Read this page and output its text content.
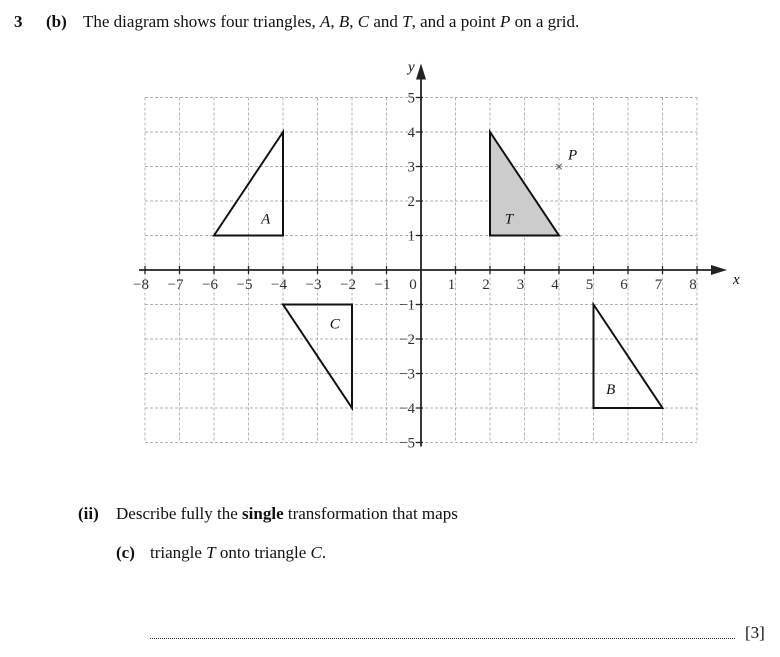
3 (b) The diagram shows four triangles, A, B, C and T, and a point P on a grid.
A	T
C
B
x
y
−8 −7 −6 −5 −4 −3 −2 −1 0 1 2 3 4 5 6 7 8
5
4
3
2
1
−1
−2
−3
−4
−5
×
P
(ii) Describe fully the single transformation that maps
(c) triangle T onto triangle C.
[3]
